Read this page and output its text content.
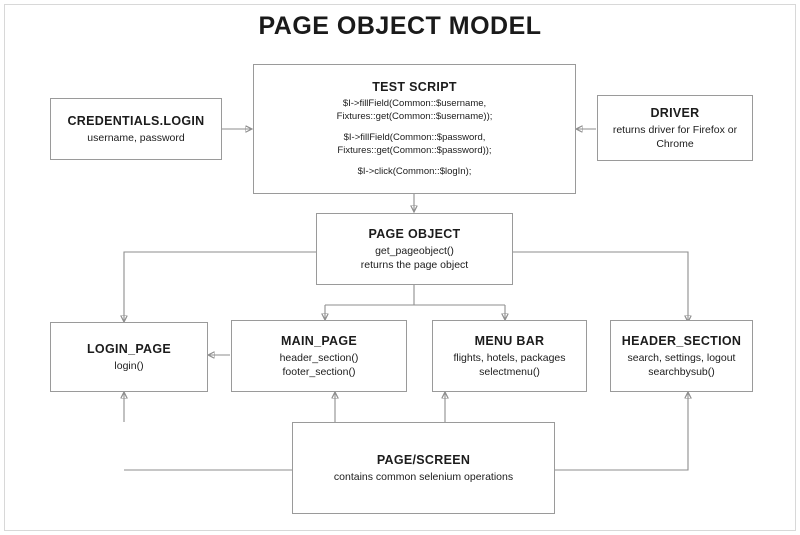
PAGE OBJECT MODEL
CREDENTIALS.LOGIN
username, password
TEST SCRIPT
$I->fillField(Common::$username,
Fixtures::get(Common::$username));
$I->fillField(Common::$password,
Fixtures::get(Common::$password));
$I->click(Common::$logIn);
DRIVER
returns driver for Firefox or
Chrome
PAGE OBJECT
get_pageobject()
returns the page object
LOGIN_PAGE
login()
MAIN_PAGE
header_section()
footer_section()
MENU BAR
flights, hotels, packages
selectmenu()
HEADER_SECTION
search, settings, logout
searchbysub()
PAGE/SCREEN
contains common selenium operations
